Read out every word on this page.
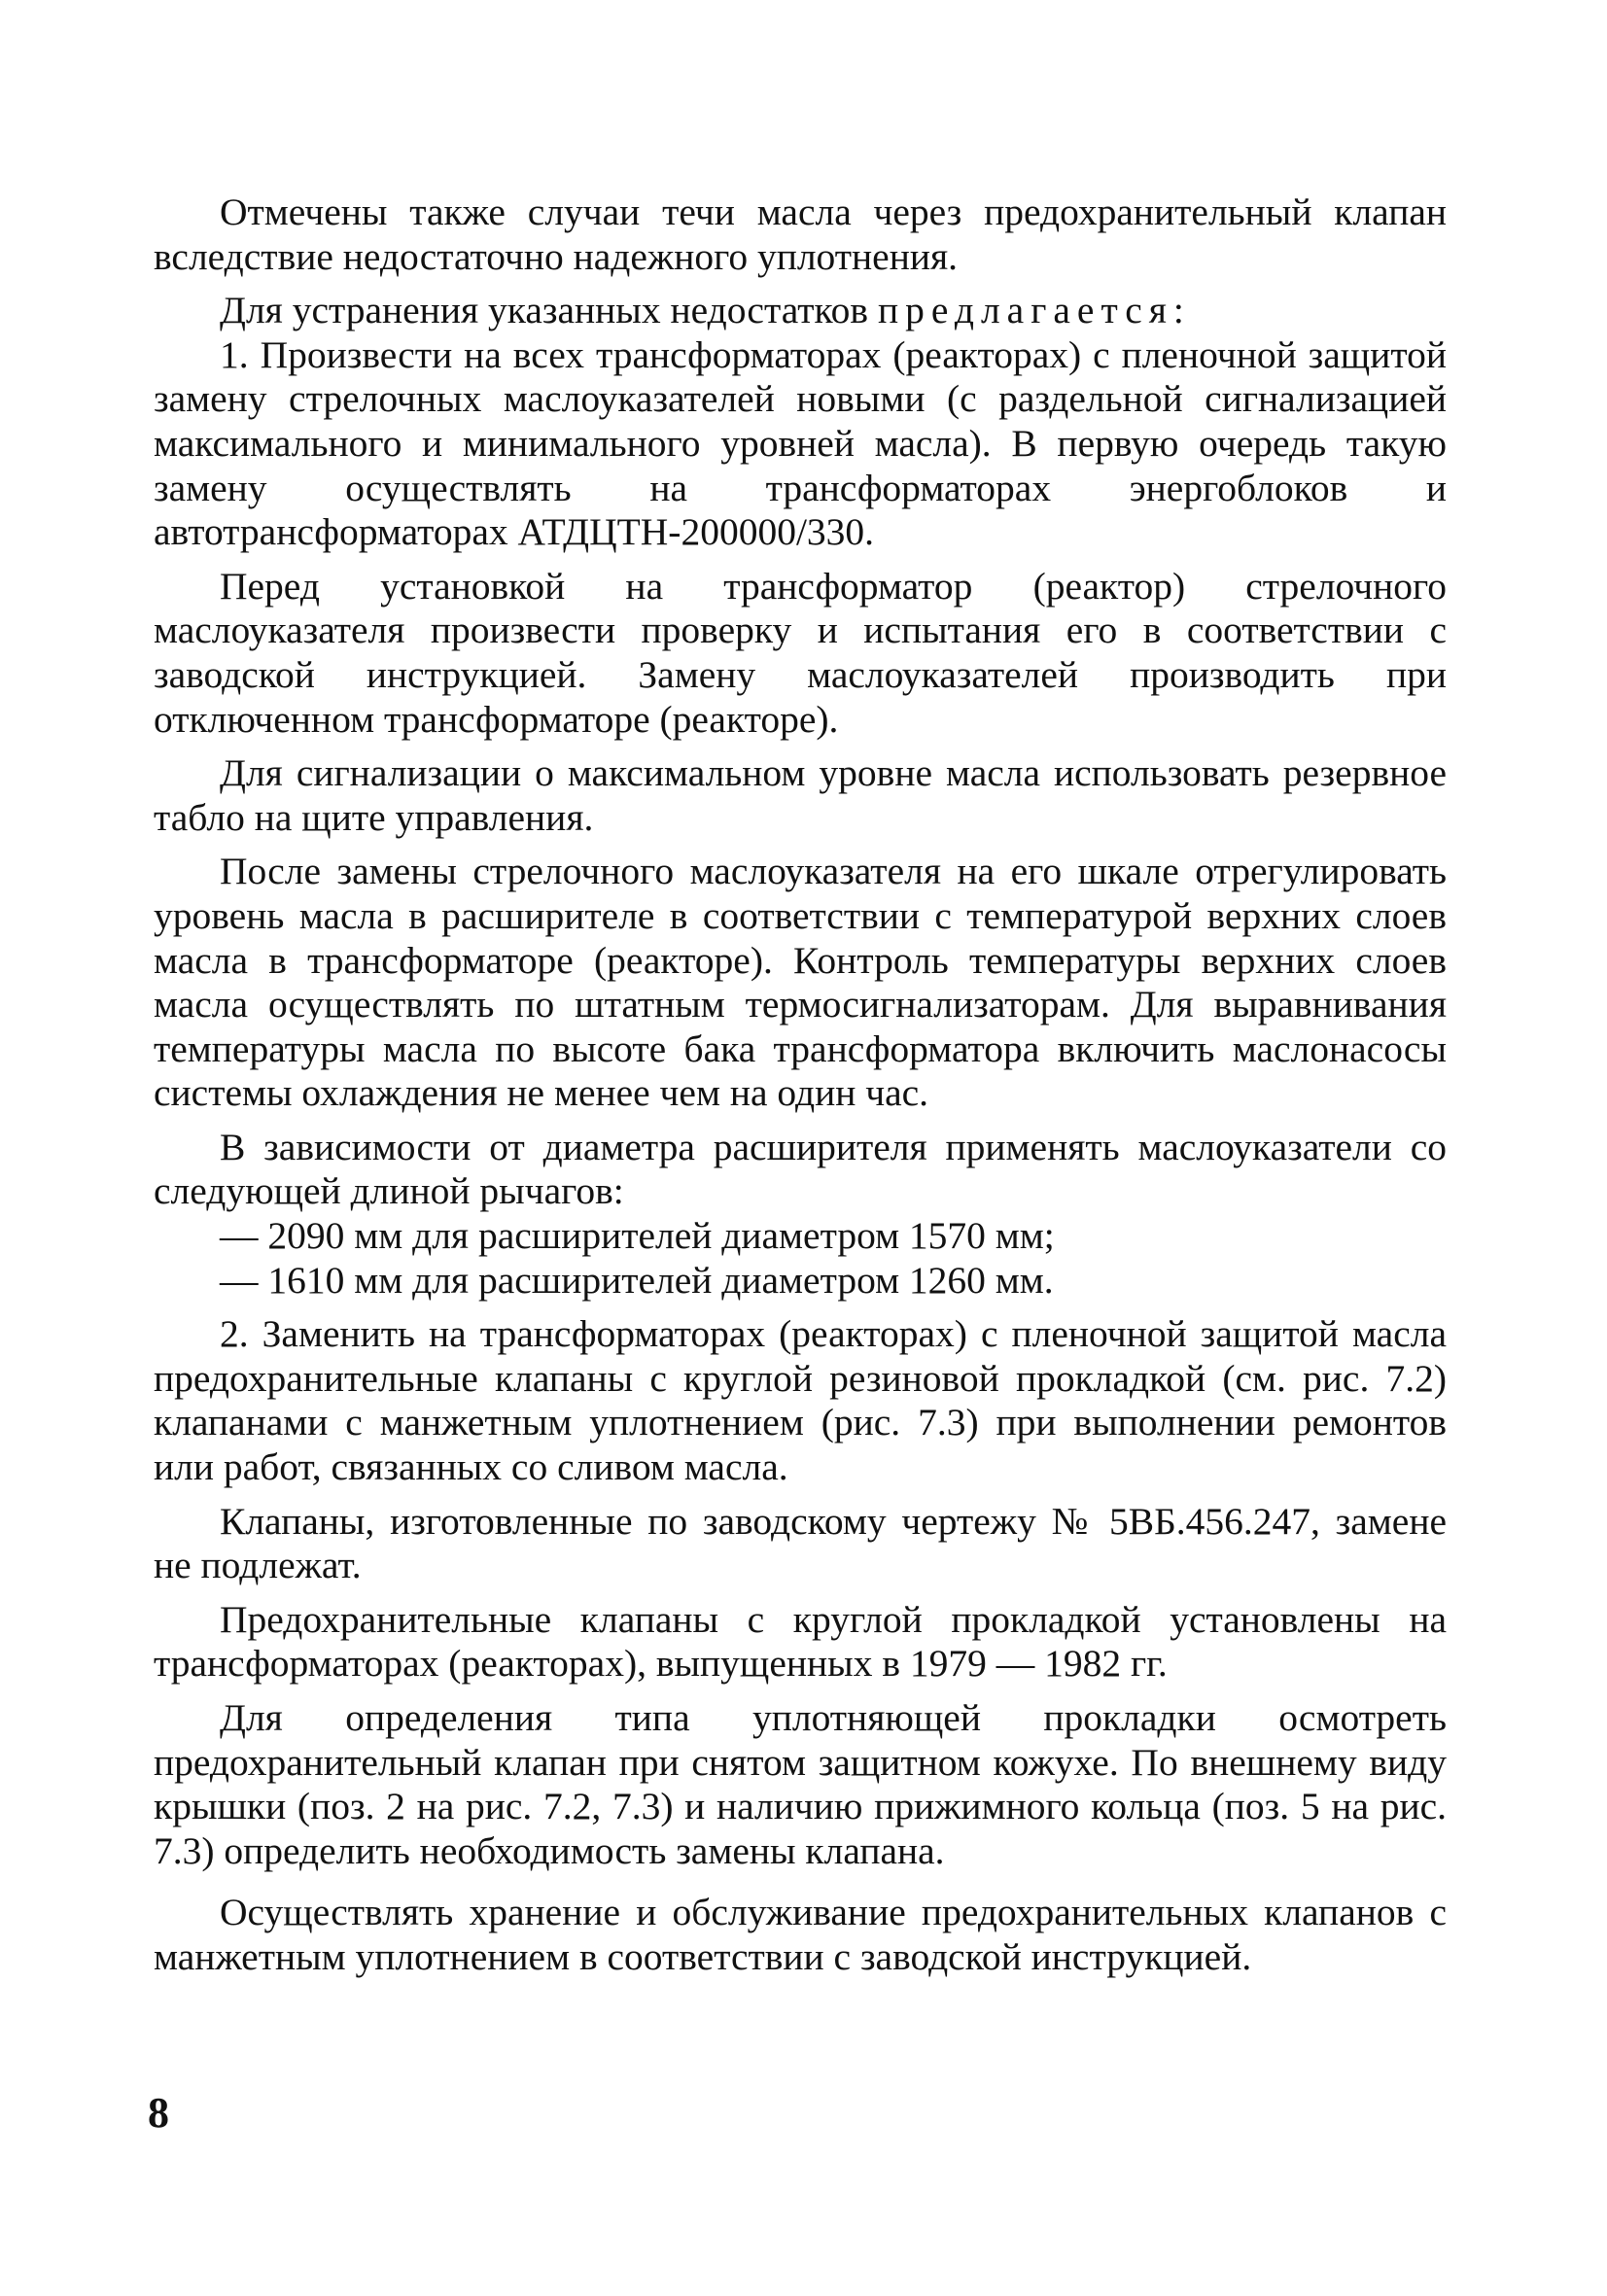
Отмечены также случаи течи масла через предохранительный клапан вследствие недостаточно надежного уплотнения.

Для устранения указанных недостатков предлагается:

1. Произвести на всех трансформаторах (реакторах) с пленочной защитой замену стрелочных маслоуказателей новыми (с раздельной сигнализацией максимального и минимального уровней масла). В первую очередь такую замену осуществлять на трансформаторах энергоблоков и автотрансформаторах АТДЦТН-200000/330.

Перед установкой на трансформатор (реактор) стрелочного маслоуказателя произвести проверку и испытания его в соответствии с заводской инструкцией. Замену маслоуказателей производить при отключенном трансформаторе (реакторе).

Для сигнализации о максимальном уровне масла использовать резервное табло на щите управления.

После замены стрелочного маслоуказателя на его шкале отрегулировать уровень масла в расширителе в соответствии с температурой верхних слоев масла в трансформаторе (реакторе). Контроль температуры верхних слоев масла осуществлять по штатным термосигнализаторам. Для выравнивания температуры масла по высоте бака трансформатора включить маслонасосы системы охлаждения не менее чем на один час.

В зависимости от диаметра расширителя применять маслоуказатели со следующей длиной рычагов:

— 2090 мм для расширителей диаметром 1570 мм;

— 1610 мм для расширителей диаметром 1260 мм.

2. Заменить на трансформаторах (реакторах) с пленочной защитой масла предохранительные клапаны с круглой резиновой прокладкой (см. рис. 7.2) клапанами с манжетным уплотнением (рис. 7.3) при выполнении ремонтов или работ, связанных со сливом масла.

Клапаны, изготовленные по заводскому чертежу № 5ВБ.456.247, замене не подлежат.

Предохранительные клапаны с круглой прокладкой установлены на трансформаторах (реакторах), выпущенных в 1979 — 1982 гг.

Для определения типа уплотняющей прокладки осмотреть предохранительный клапан при снятом защитном кожухе. По внешнему виду крышки (поз. 2 на рис. 7.2, 7.3) и наличию прижимного кольца (поз. 5 на рис. 7.3) определить необходимость замены клапана.

Осуществлять хранение и обслуживание предохранительных клапанов с манжетным уплотнением в соответствии с заводской инструкцией.

8
